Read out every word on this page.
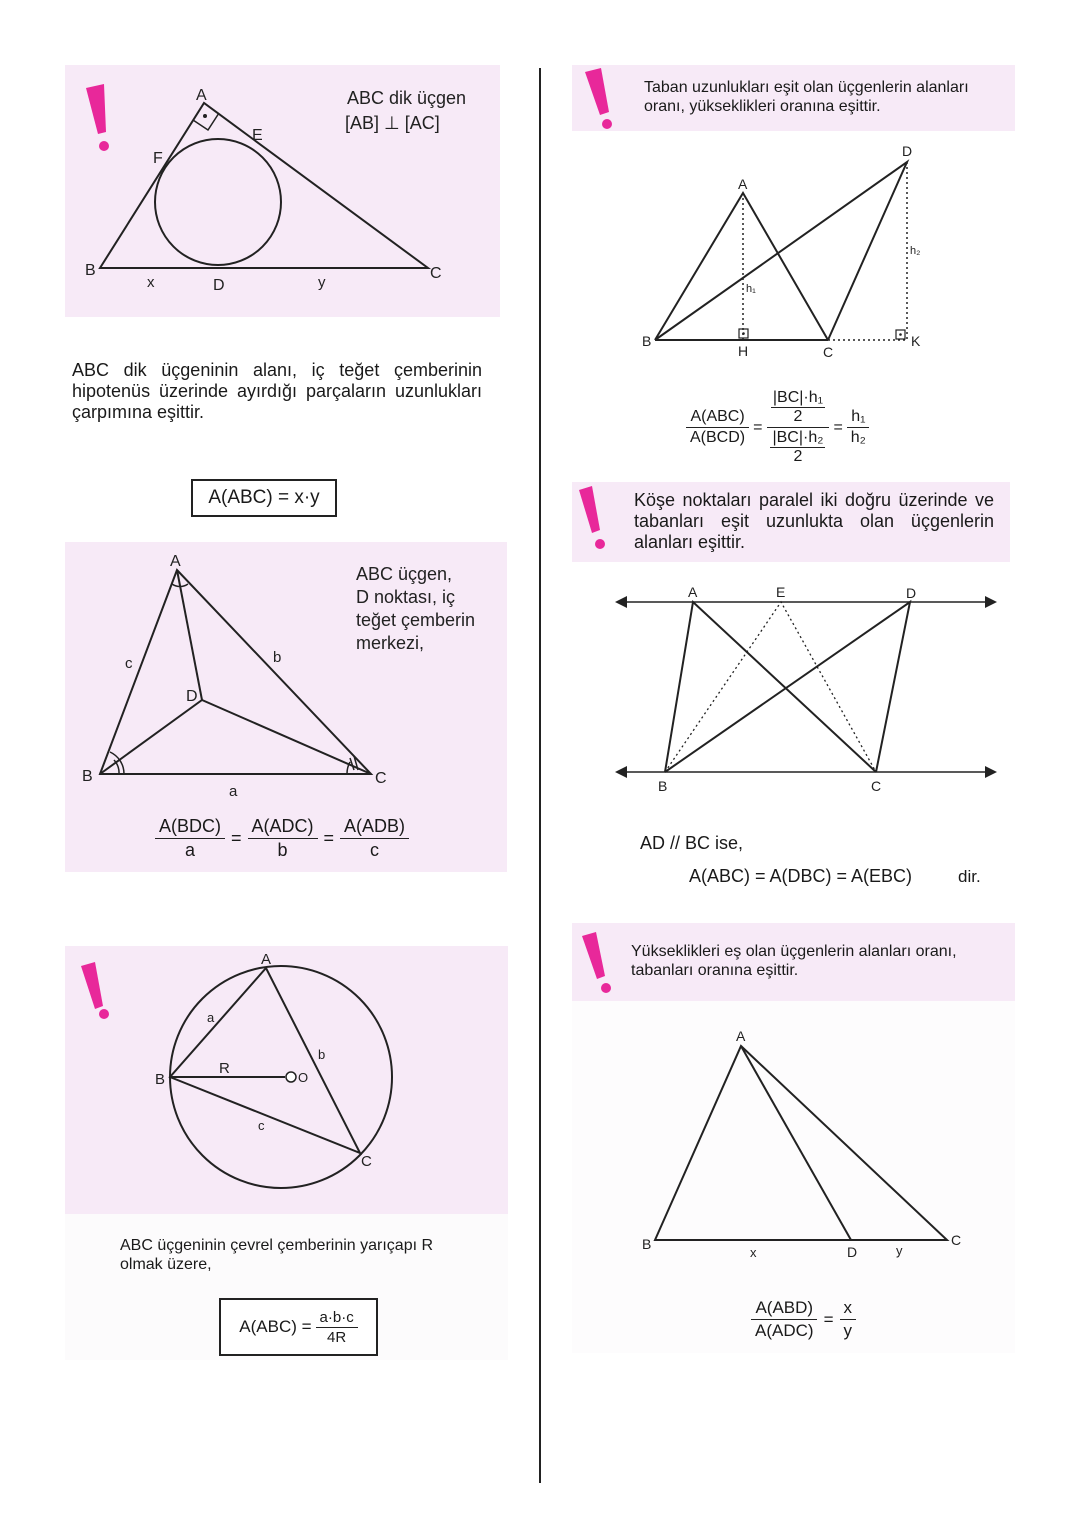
A
B	C
D
E
F
x	y
ABC dik üçgen
[AB] ⊥ [AC]
ABC dik üçgeninin alanı, iç teğet çemberinin hipotenüs üzerinde ayırdığı parçaların uzunlukları çarpımına eşittir.
A(ABC) = x·y
A
B	C
D
a
b
c
ABC üçgen,
D noktası, iç
teğet çemberin
merkezi,
$\frac{\text{A(BDC)}}{a} = \frac{\text{A(ADC)}}{b} = \frac{\text{A(ADB)}}{c}$
A
B
C
O
R
a
b
c
ABC üçgeninin çevrel çemberinin yarıçapı R
olmak üzere,
$A(ABC) = \frac{a\cdot b\cdot c}{4R}$
Taban uzunlukları eşit olan üçgenlerin alanları oranı, yükseklikleri oranına eşittir.
A
B
C
D
H
K
h₁
h₂
$\frac{\text{A(ABC)}}{\text{A(BCD)}} = |BC|\cdot h_1$
2
|BC|·h₂
$2 = \frac{\text{h₁}}{\text{h₂}}$
Köşe noktaları paralel iki doğru üzerinde ve tabanları eşit uzunlukta olan üçgenlerin alanları eşittir.
A	E	D
B	C
AD // BC ise,
A(ABC) = A(DBC) = A(EBC)	dir.
Yükseklikleri eş olan üçgenlerin alanları oranı, tabanları oranına eşittir.
A
B	C
D
x	y
$\frac{\text{A(ABD)}}{\text{A(ADC)}} = \frac{x}{y}$
